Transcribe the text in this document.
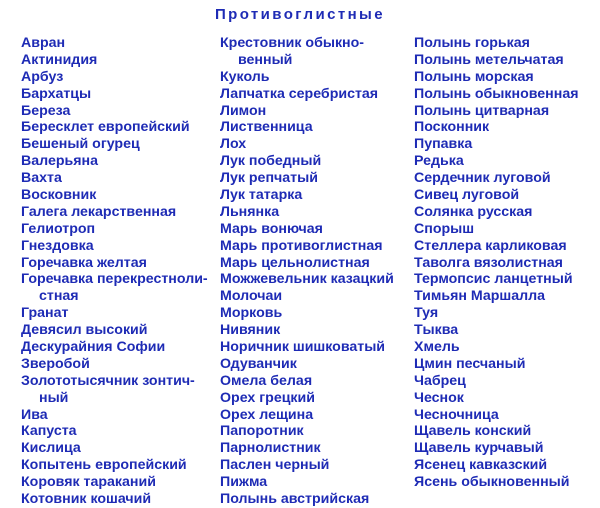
Противоглистные
Авран
Актинидия
Арбуз
Бархатцы
Береза
Бересклет европейский
Бешеный огурец
Валерьяна
Вахта
Восковник
Галега лекарственная
Гелиотроп
Гнездовка
Горечавка желтая
Горечавка перекрестноли-
стная
Гранат
Девясил высокий
Дескурайния Софии
Зверобой
Золототысячник зонтич-
ный
Ива
Капуста
Кислица
Копытень европейский
Коровяк тараканий
Котовник кошачий
Крестовник обыкно-
венный
Куколь
Лапчатка серебристая
Лимон
Лиственница
Лох
Лук победный
Лук репчатый
Лук татарка
Льнянка
Марь вонючая
Марь противоглистная
Марь цельнолистная
Можжевельник казацкий
Молочаи
Морковь
Нивяник
Норичник шишковатый
Одуванчик
Омела белая
Орех грецкий
Орех лещина
Папоротник
Парнолистник
Паслен черный
Пижма
Полынь австрийская
Полынь горькая
Полынь метельчатая
Полынь морская
Полынь обыкновенная
Полынь цитварная
Посконник
Пупавка
Редька
Сердечник луговой
Сивец луговой
Солянка русская
Спорыш
Стеллера карликовая
Таволга вязолистная
Термопсис ланцетный
Тимьян Маршалла
Туя
Тыква
Хмель
Цмин песчаный
Чабрец
Чеснок
Чесночница
Щавель конский
Щавель курчавый
Ясенец кавказский
Ясень обыкновенный
